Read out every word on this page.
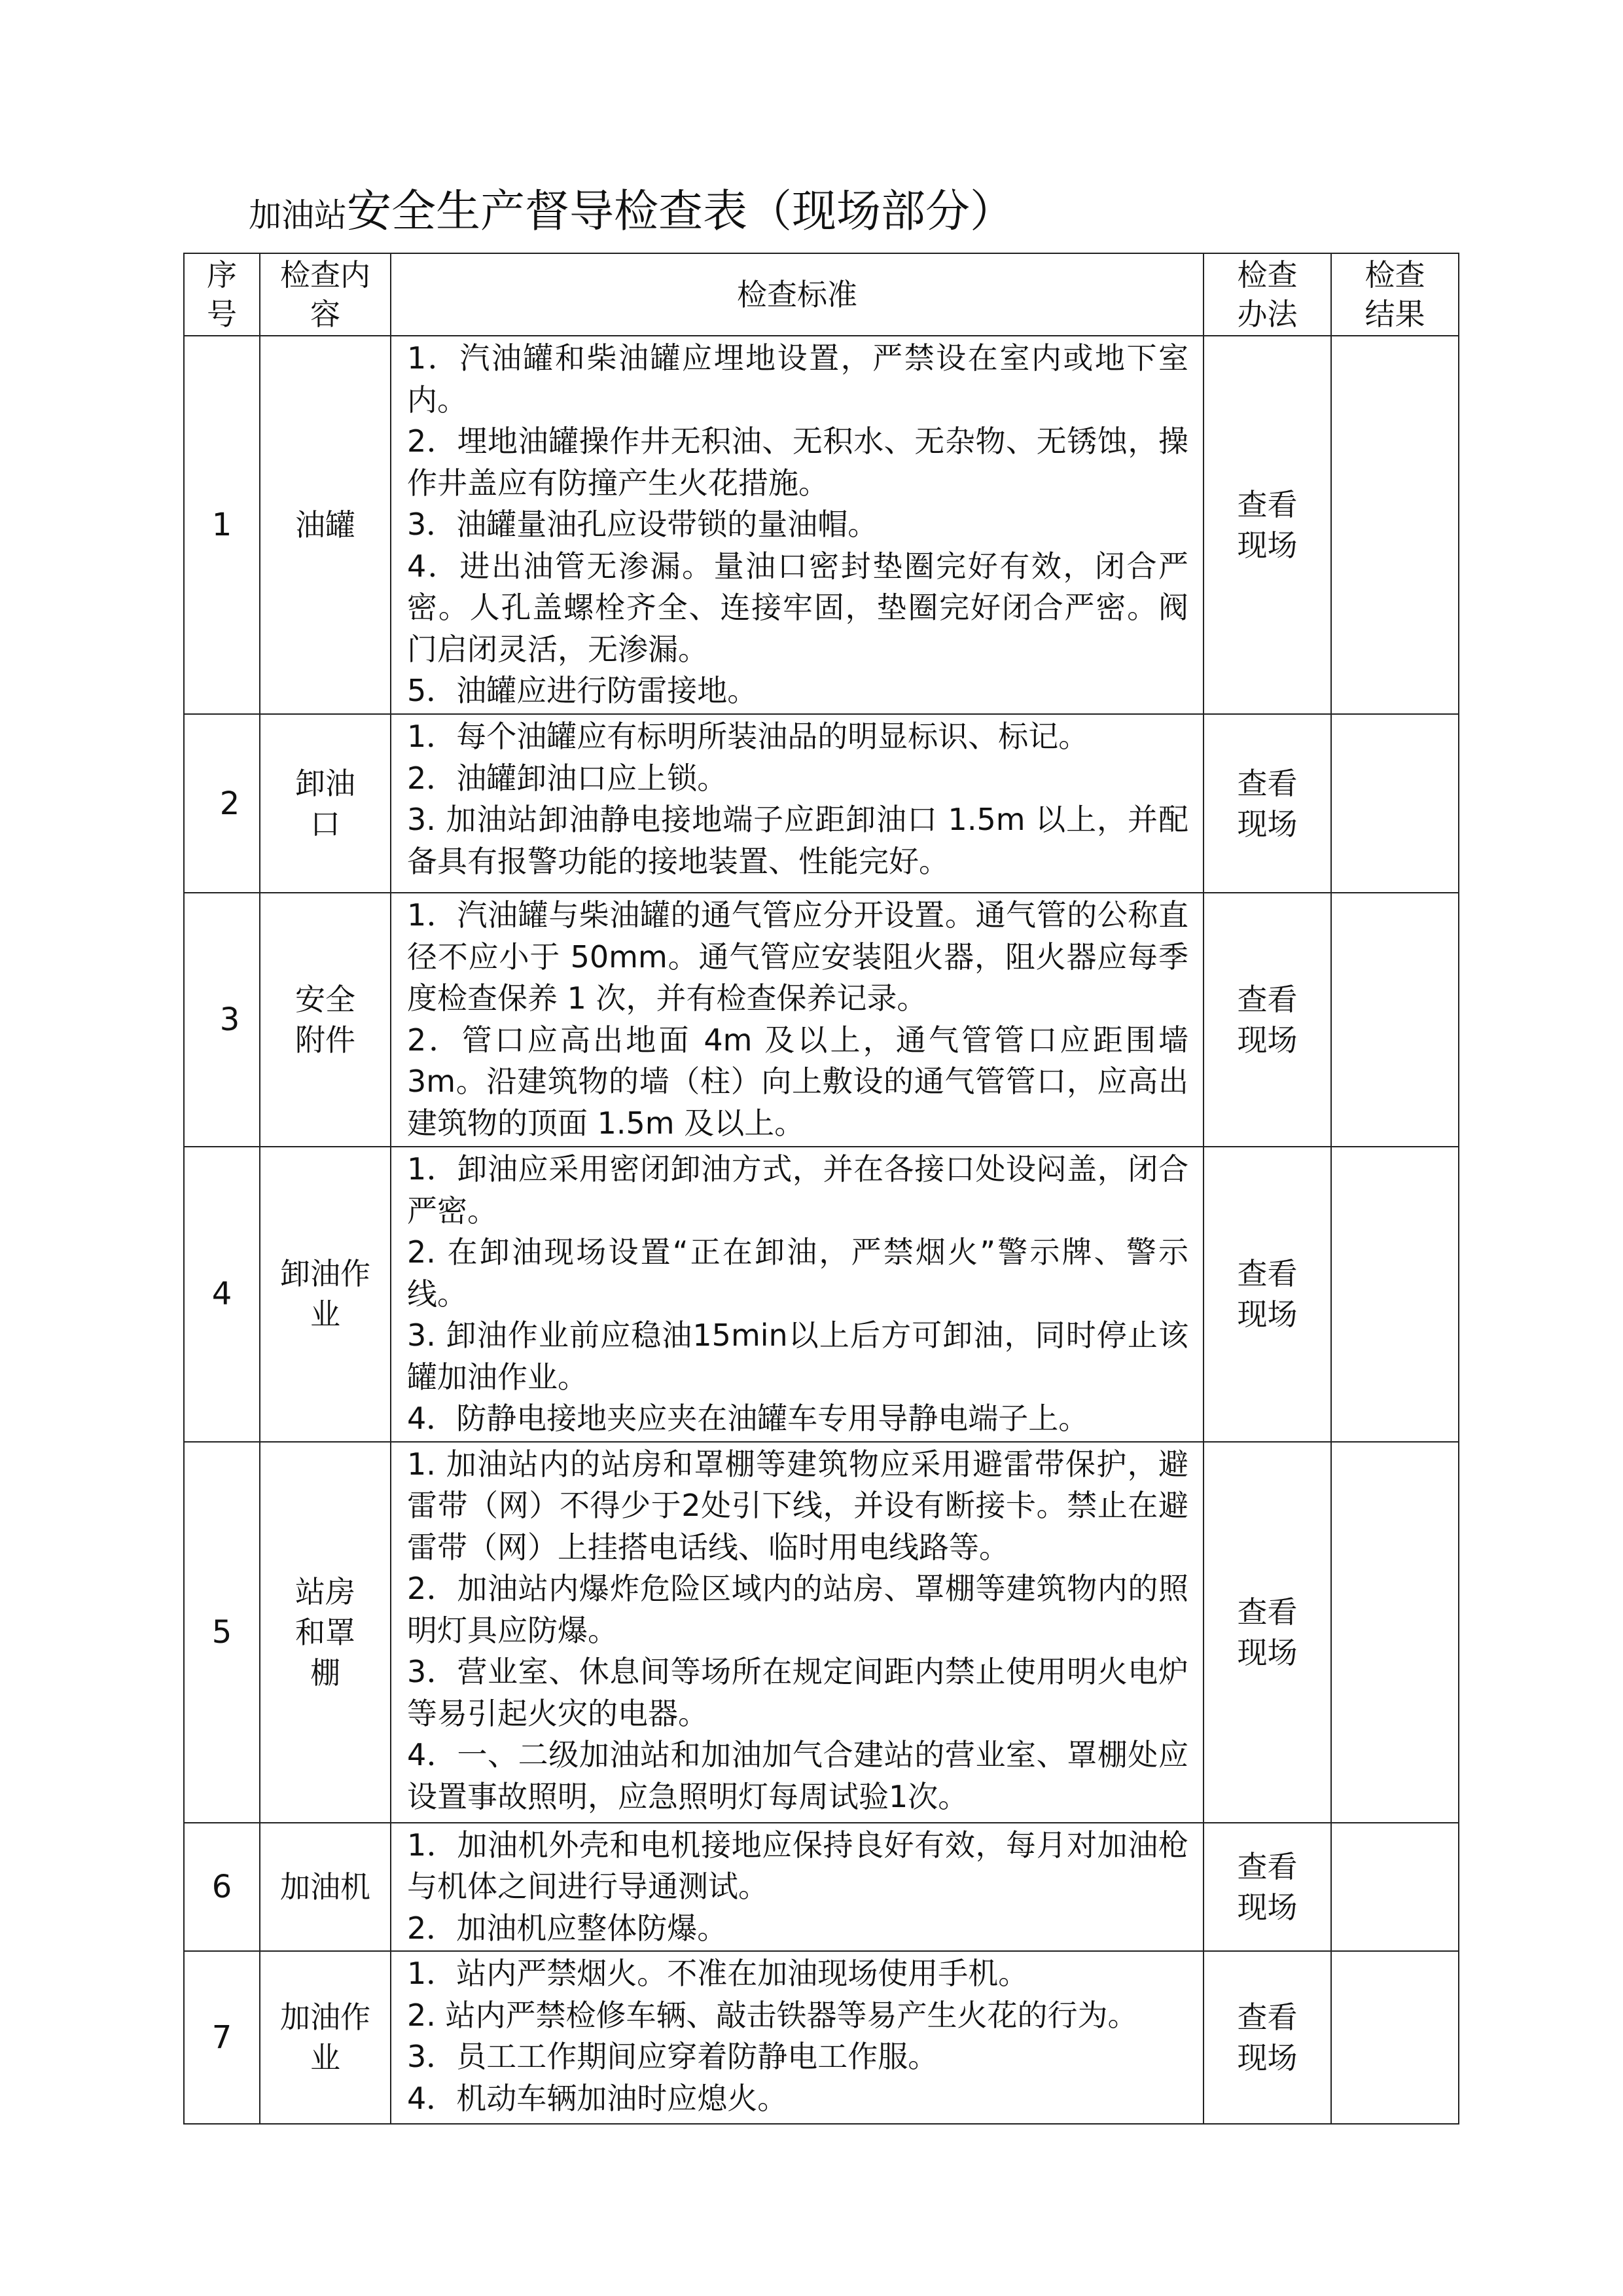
加油站安全生产督导检查表（现场部分）
序号	检查内容	检查标准	检查办法	检查结果

1	油罐	1．汽油罐和柴油罐应埋地设置，严禁设在室内或地下室内。
2．埋地油罐操作井无积油、无积水、无杂物、无锈蚀，操作井盖应有防撞产生火花措施。
3．油罐量油孔应设带锁的量油帽。
4．进出油管无渗漏。量油口密封垫圈完好有效，闭合严密。人孔盖螺栓齐全、连接牢固，垫圈完好闭合严密。阀门启闭灵活，无渗漏。
5．油罐应进行防雷接地。	查看现场	

2	卸油口	1．每个油罐应有标明所装油品的明显标识、标记。
2．油罐卸油口应上锁。
3. 加油站卸油静电接地端子应距卸油口 1.5m 以上，并配备具有报警功能的接地装置、性能完好。	查看现场	

3	安全附件	1．汽油罐与柴油罐的通气管应分开设置。通气管的公称直径不应小于 50mm。通气管应安装阻火器，阻火器应每季度检查保养 1 次，并有检查保养记录。
2．管口应高出地面 4m 及以上，通气管管口应距围墙 3m。沿建筑物的墙（柱）向上敷设的通气管管口，应高出建筑物的顶面 1.5m 及以上。	查看现场	

4	卸油作业	1．卸油应采用密闭卸油方式，并在各接口处设闷盖，闭合严密。
2. 在卸油现场设置“正在卸油，严禁烟火”警示牌、警示线。
3. 卸油作业前应稳油15min以上后方可卸油，同时停止该罐加油作业。
4．防静电接地夹应夹在油罐车专用导静电端子上。	查看现场	

5	站房和罩棚	1. 加油站内的站房和罩棚等建筑物应采用避雷带保护，避雷带（网）不得少于2处引下线，并设有断接卡。禁止在避雷带（网）上挂搭电话线、临时用电线路等。
2．加油站内爆炸危险区域内的站房、罩棚等建筑物内的照明灯具应防爆。
3．营业室、休息间等场所在规定间距内禁止使用明火电炉等易引起火灾的电器。
4．一、二级加油站和加油加气合建站的营业室、罩棚处应设置事故照明，应急照明灯每周试验1次。	查看现场	

6	加油机	1．加油机外壳和电机接地应保持良好有效，每月对加油枪与机体之间进行导通测试。
2．加油机应整体防爆。	查看现场	

7	加油作业	1．站内严禁烟火。不准在加油现场使用手机。
2. 站内严禁检修车辆、敲击铁器等易产生火花的行为。
3．员工工作期间应穿着防静电工作服。
4．机动车辆加油时应熄火。	查看现场	
